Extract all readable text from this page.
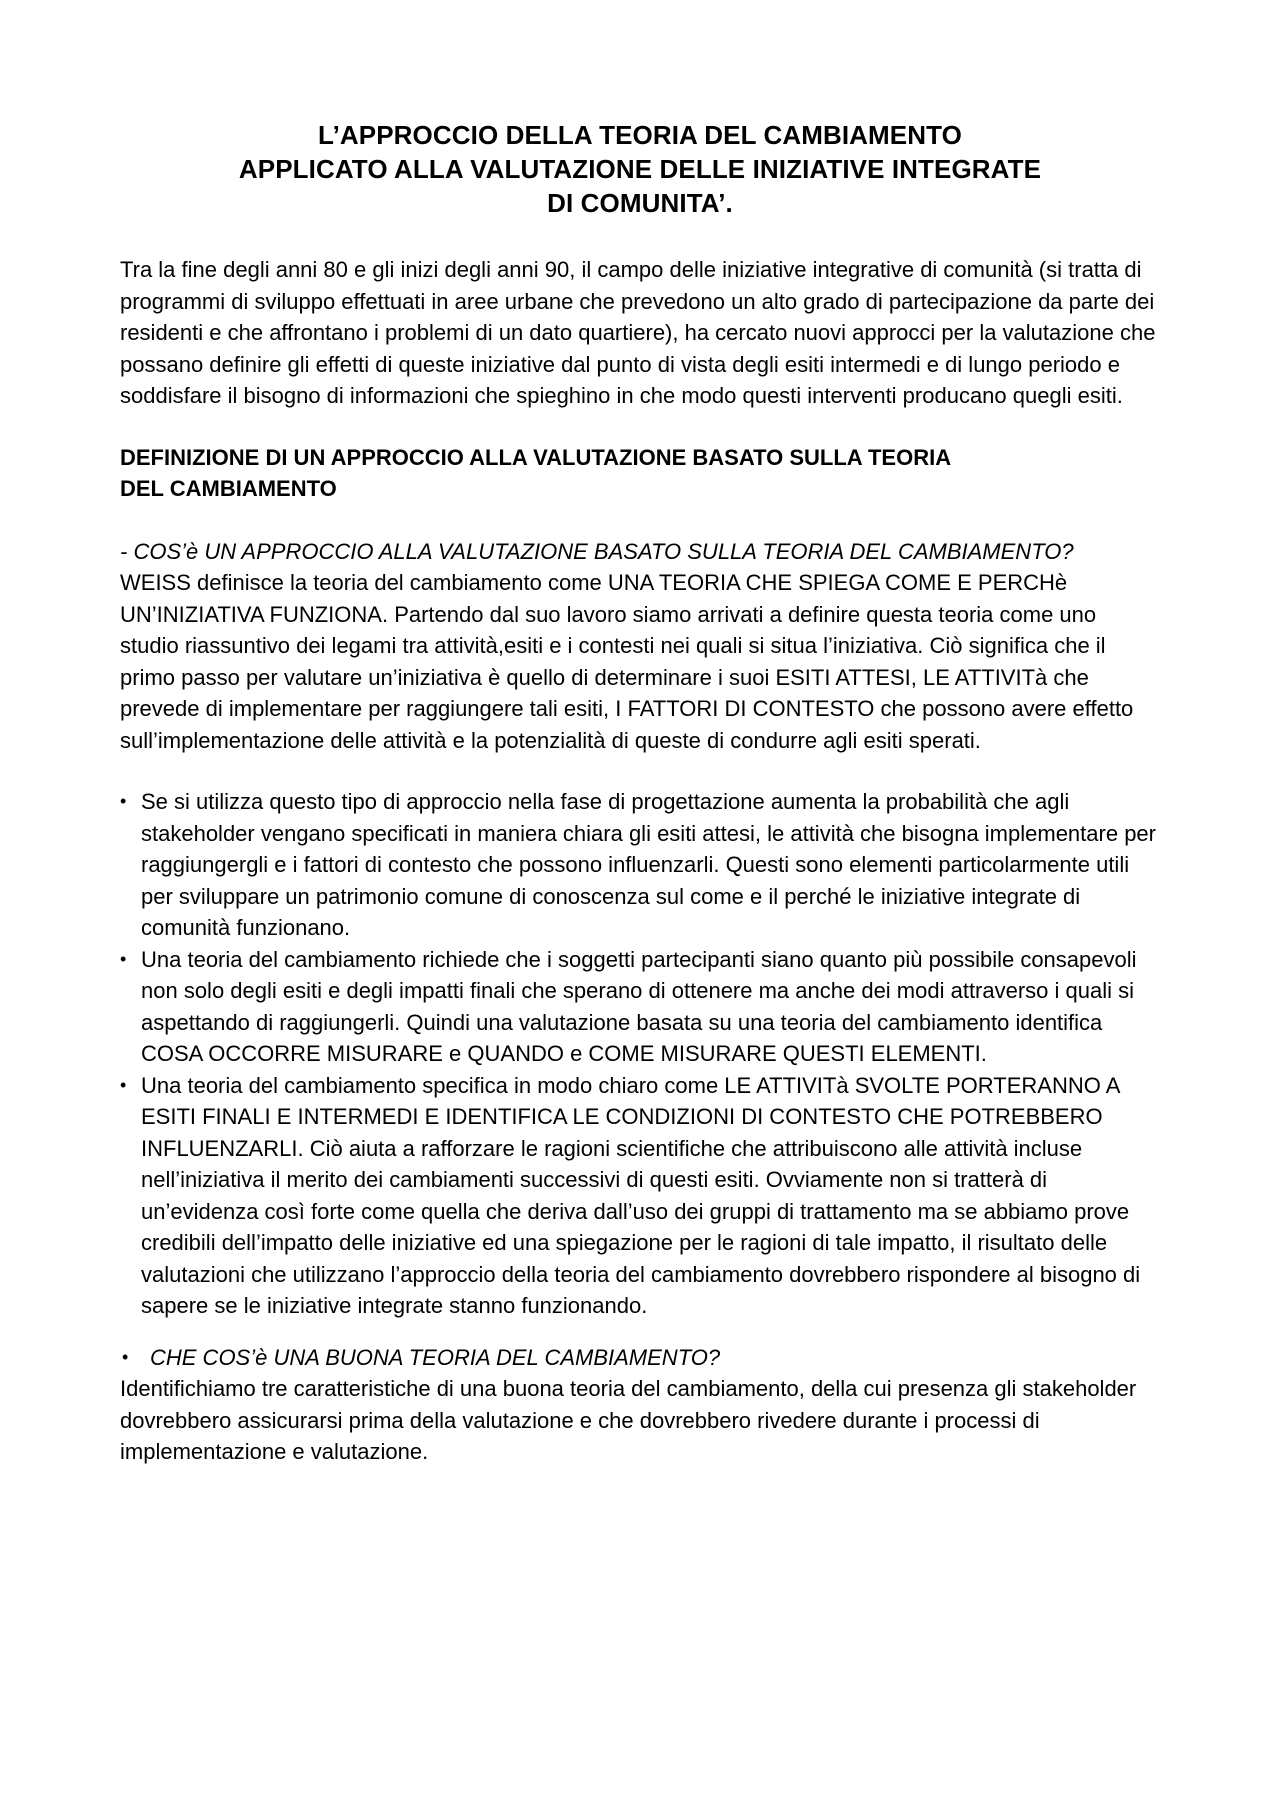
L’APPROCCIO DELLA TEORIA DEL CAMBIAMENTO
APPLICATO ALLA VALUTAZIONE DELLE INIZIATIVE INTEGRATE
DI COMUNITA’.

Tra la fine degli anni 80 e gli inizi degli anni 90, il campo delle iniziative integrative di comunità (si tratta di programmi di sviluppo effettuati in aree urbane che prevedono un alto grado di partecipazione da parte dei residenti e che affrontano i problemi di un dato quartiere), ha cercato nuovi approcci per la valutazione che possano definire gli effetti di queste iniziative dal punto di vista degli esiti intermedi e di lungo periodo e soddisfare il bisogno di informazioni che spieghino in che modo questi interventi producano quegli esiti.

DEFINIZIONE DI UN APPROCCIO ALLA VALUTAZIONE BASATO SULLA TEORIA
DEL CAMBIAMENTO

- COS’è UN APPROCCIO ALLA VALUTAZIONE BASATO SULLA TEORIA DEL CAMBIAMENTO?

WEISS definisce la teoria del cambiamento come UNA TEORIA CHE SPIEGA COME E PERCHè UN’INIZIATIVA FUNZIONA. Partendo dal suo lavoro siamo arrivati a definire questa teoria come uno studio riassuntivo dei legami tra attività,esiti e i contesti nei quali si situa l’iniziativa. Ciò significa che il primo passo per valutare un’iniziativa è quello di determinare i suoi ESITI ATTESI, LE ATTIVITà che prevede di implementare per raggiungere tali esiti, I FATTORI DI CONTESTO che possono avere effetto sull’implementazione delle attività e la potenzialità di queste di condurre agli esiti sperati.

• Se si utilizza questo tipo di approccio nella fase di progettazione aumenta la probabilità che agli stakeholder vengano specificati in maniera chiara gli esiti attesi, le attività che bisogna implementare per raggiungergli e i fattori di contesto che possono influenzarli. Questi sono elementi particolarmente utili per sviluppare un patrimonio comune di conoscenza sul come e il perché le iniziative integrate di comunità funzionano.
• Una teoria del cambiamento richiede che i soggetti partecipanti siano quanto più possibile consapevoli non solo degli esiti e degli impatti finali che sperano di ottenere ma anche dei modi attraverso i quali si aspettando di raggiungerli. Quindi una valutazione basata su una teoria del cambiamento identifica COSA OCCORRE MISURARE e QUANDO e COME MISURARE QUESTI ELEMENTI.
• Una teoria del cambiamento specifica in modo chiaro come LE ATTIVITà SVOLTE PORTERANNO A ESITI FINALI E INTERMEDI E IDENTIFICA LE CONDIZIONI DI CONTESTO CHE POTREBBERO INFLUENZARLI. Ciò aiuta a rafforzare le ragioni scientifiche che attribuiscono alle attività incluse nell’iniziativa il merito dei cambiamenti successivi di questi esiti. Ovviamente non si tratterà di un’evidenza così forte come quella che deriva dall’uso dei gruppi di trattamento ma se abbiamo prove credibili dell’impatto delle iniziative ed una spiegazione per le ragioni di tale impatto, il risultato delle valutazioni che utilizzano l’approccio della teoria del cambiamento dovrebbero rispondere al bisogno di sapere se le iniziative integrate stanno funzionando.
• CHE COS’è UNA BUONA TEORIA DEL CAMBIAMENTO?

Identifichiamo tre caratteristiche di una buona teoria del cambiamento, della cui presenza gli stakeholder dovrebbero assicurarsi prima della valutazione e che dovrebbero rivedere durante i processi di implementazione e valutazione.
